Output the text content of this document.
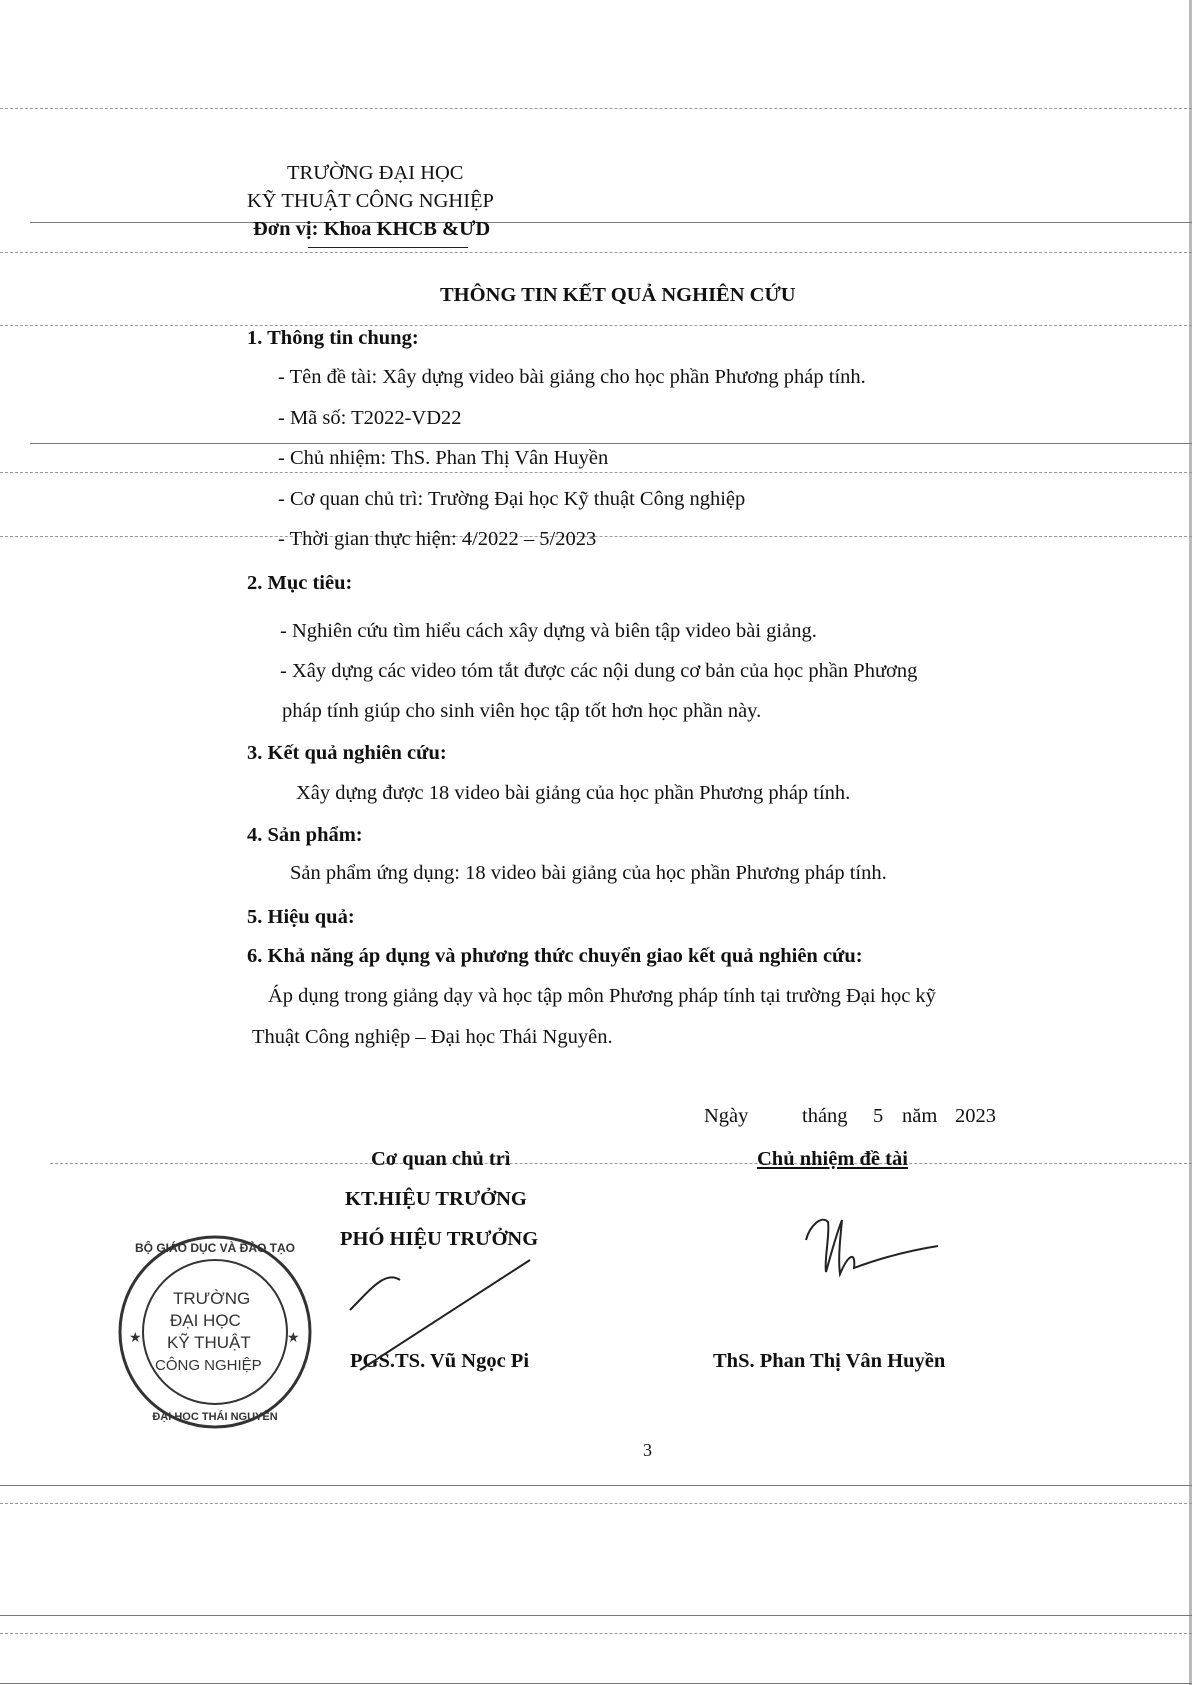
TRƯỜNG ĐẠI HỌC
KỸ THUẬT CÔNG NGHIỆP
Đơn vị: Khoa KHCB &ƯD
THÔNG TIN KẾT QUẢ NGHIÊN CỨU
1. Thông tin chung:
- Tên đề tài: Xây dựng video bài giảng cho học phần Phương pháp tính.
- Mã số: T2022-VD22
- Chủ nhiệm: ThS. Phan Thị Vân Huyền
- Cơ quan chủ trì: Trường Đại học Kỹ thuật Công nghiệp
- Thời gian thực hiện: 4/2022 – 5/2023
2. Mục tiêu:
- Nghiên cứu tìm hiểu cách xây dựng và biên tập video bài giảng.
- Xây dựng các video tóm tắt được các nội dung cơ bản của học phần Phương
pháp tính giúp cho sinh viên học tập tốt hơn học phần này.
3. Kết quả nghiên cứu:
Xây dựng được 18 video bài giảng của học phần Phương pháp tính.
4. Sản phẩm:
Sản phẩm ứng dụng: 18 video bài giảng của học phần Phương pháp tính.
5. Hiệu quả:
6. Khả năng áp dụng và phương thức chuyển giao kết quả nghiên cứu:
Áp dụng trong giảng dạy và học tập môn Phương pháp tính tại trường Đại học kỹ
Thuật Công nghiệp – Đại học Thái Nguyên.
Ngày	tháng 5 năm 2023
Cơ quan chủ trì
KT.HIỆU TRƯỞNG
PHÓ HIỆU TRƯỞNG
PGS.TS. Vũ Ngọc Pi
BỘ GIÁO DỤC VÀ ĐÀO TẠO
TRƯỜNG
ĐẠI HỌC
KỸ THUẬT
CÔNG NGHIỆP
ĐẠI HỌC THÁI NGUYÊN
★	★
Chủ nhiệm đề tài
ThS. Phan Thị Vân Huyền
3
